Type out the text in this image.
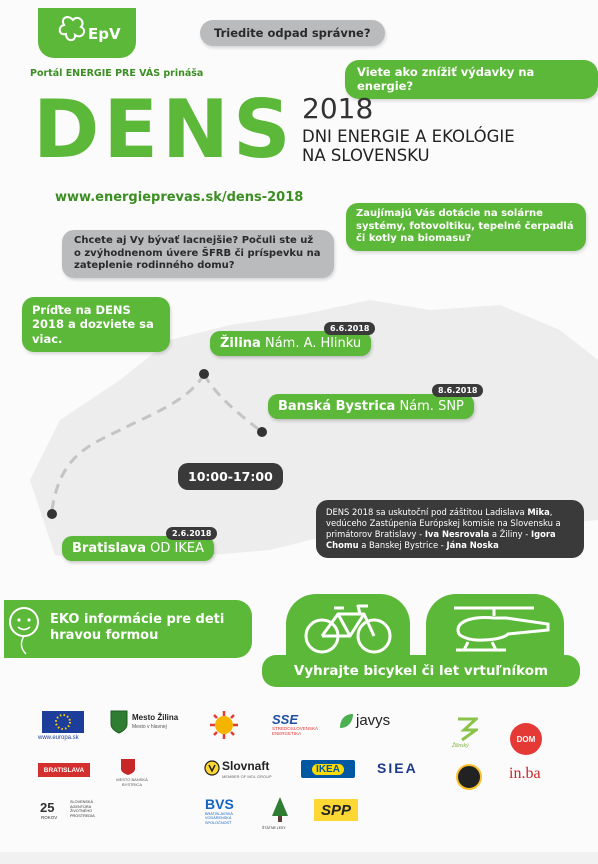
EpV
Portál ENERGIE PRE VÁS prináša
Triedite odpad správne?
Viete ako znížiť výdavky na energie?
DENS 2018
DNI ENERGIE A EKOLÓGIE
NA SLOVENSKU
www.energieprevas.sk/dens-2018
Zaujímajú Vás dotácie na solárne systémy, fotovoltiku, tepelné čerpadlá či kotly na biomasu?
Chcete aj Vy bývať lacnejšie? Počuli ste už o zvýhodnenom úvere ŠFRB či príspevku na zateplenie rodinného domu?
Príďte na DENS 2018 a dozviete sa viac.	Žilina Nám. A. Hlinku
6.6.2018
Banská Bystrica Nám. SNP
8.6.2018
10:00-17:00
DENS 2018 sa uskutoční pod záštitou Ladislava Mika, vedúceho Zastúpenia Európskej komisie na Slovensku a primátorov Bratislavy - Iva Nesrovala a Žiliny - Igora Chomu a Banskej Bystrice - Jána Noska
Bratislava OD IKEA
2.6.2018
EKO informácie pre deti hravou formou
Vyhrajte bicykel či let vrtuľníkom
www.europa.sk
Mesto Žilina
Mesto v hlavnej	SSE
STREDOSLOVENSKÁ ENERGETIKA
javys
Žilinský
DOM
BRATISLAVA
MESTO BANSKÁ BYSTRICA
Slovnaft
MEMBER OF MOL GROUP
IKEA	SIEA	in.ba
25
ROKOV
SLOVENSKÁ AGENTÚRA ŽIVOTNÉHO PROSTREDIA
BVS
BRATISLAVSKÁ VODÁRENSKÁ SPOLOČNOSŤ
ŠTÁTNE LESY
SPP
